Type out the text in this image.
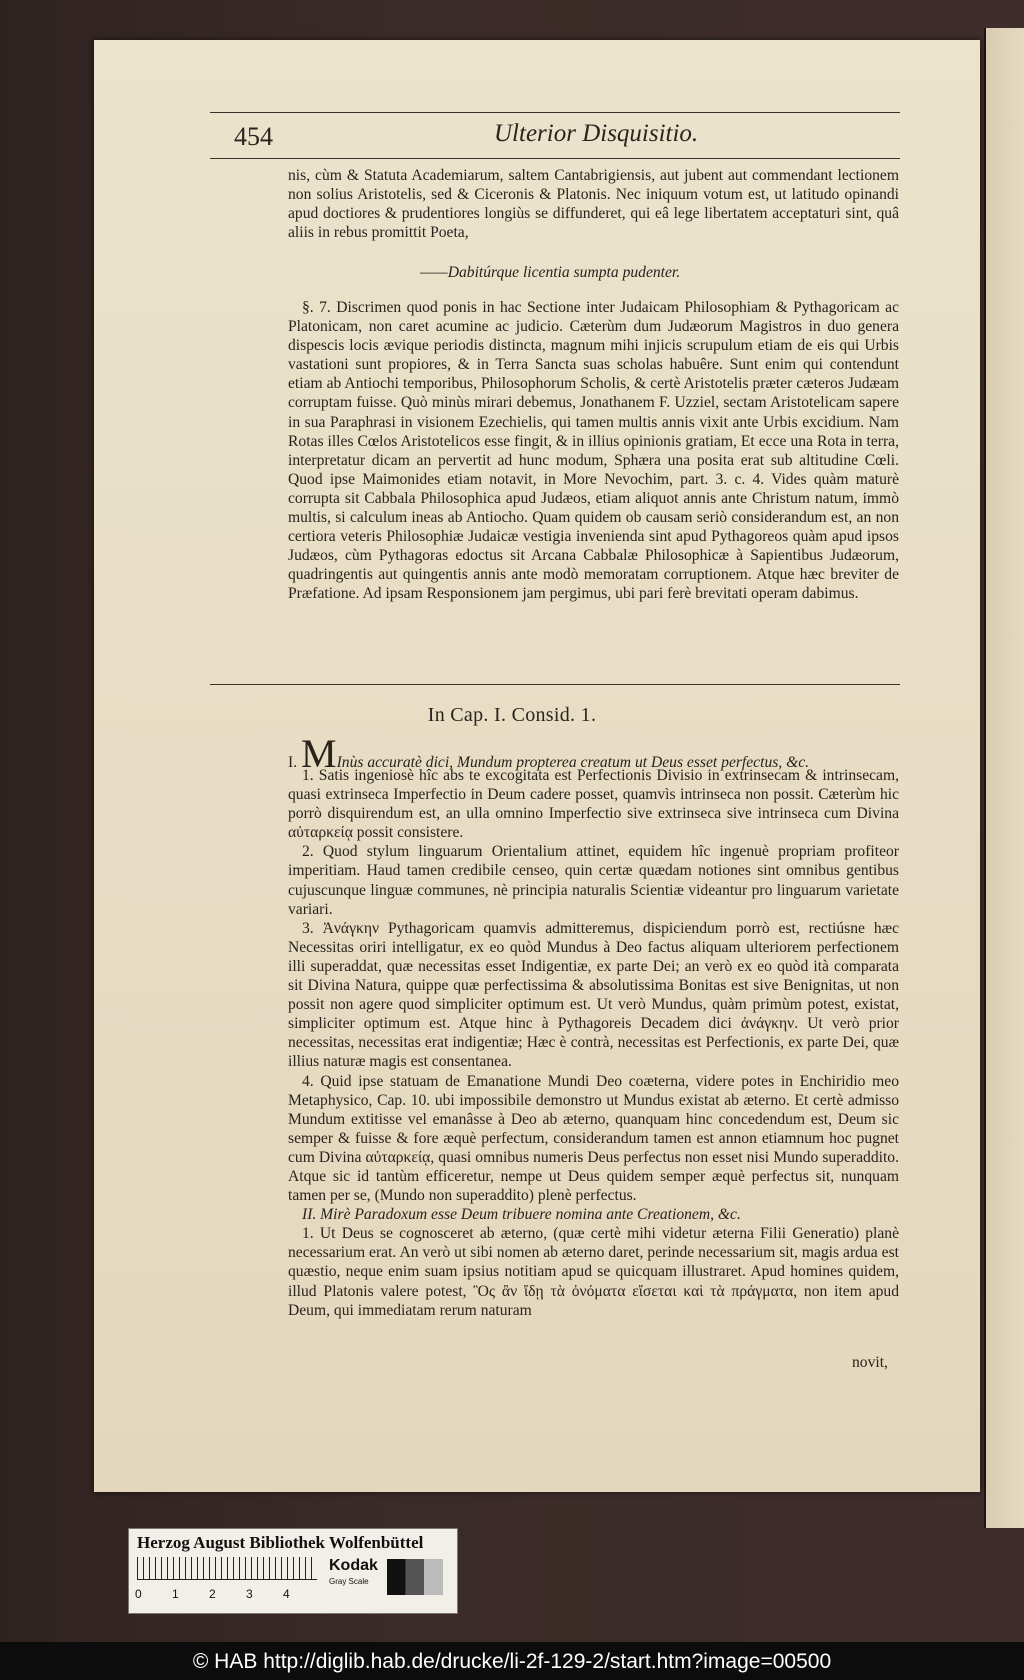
454	Ulterior Disquisitio.

nis, cùm & Statuta Academiarum, saltem Cantabrigiensis, aut jubent aut commendant lectionem non solius Aristotelis, sed & Ciceronis & Platonis. Nec iniquum votum est, ut latitudo opinandi apud doctiores & prudentiores longiùs se diffunderet, qui eâ lege libertatem acceptaturi sint, quâ aliis in rebus promittit Poeta,

——Dabitúrque licentia sumpta pudenter.

§. 7. Discrimen quod ponis in hac Sectione inter Judaicam Philosophiam & Pythagoricam ac Platonicam, non caret acumine ac judicio. Cæterùm dum Judæorum Magistros in duo genera dispescis locis ævique periodis distincta, magnum mihi injicis scrupulum etiam de eis qui Urbis vastationi sunt propiores, & in Terra Sancta suas scholas habuêre. Sunt enim qui contendunt etiam ab Antiochi temporibus, Philosophorum Scholis, & certè Aristotelis præter cæteros Judæam corruptam fuisse. Quò minùs mirari debemus, Jonathanem F. Uzziel, sectam Aristotelicam sapere in sua Paraphrasi in visionem Ezechielis, qui tamen multis annis vixit ante Urbis excidium. Nam Rotas illes Cœlos Aristotelicos esse fingit, & in illius opinionis gratiam, Et ecce una Rota in terra, interpretatur dicam an pervertit ad hunc modum, Sphæra una posita erat sub altitudine Cœli. Quod ipse Maimonides etiam notavit, in More Nevochim, part. 3. c. 4. Vides quàm maturè corrupta sit Cabbala Philosophica apud Judæos, etiam aliquot annis ante Christum natum, immò multis, si calculum ineas ab Antiocho. Quam quidem ob causam seriò considerandum est, an non certiora veteris Philosophiæ Judaicæ vestigia invenienda sint apud Pythagoreos quàm apud ipsos Judæos, cùm Pythagoras edoctus sit Arcana Cabbalæ Philosophicæ à Sapientibus Judæorum, quadringentis aut quingentis annis ante modò memoratam corruptionem. Atque hæc breviter de Præfatione. Ad ipsam Responsionem jam pergimus, ubi pari ferè brevitati operam dabimus.

In Cap. I. Consid. 1.

I. MInùs accuratè dici, Mundum propterea creatum ut Deus esset perfectus, &c.

1. Satis ingeniosè hîc abs te excogitata est Perfectionis Divisio in extrinsecam & intrinsecam, quasi extrinseca Imperfectio in Deum cadere posset, quamvìs intrinseca non possit. Cæterùm hic porrò disquirendum est, an ulla omnino Imperfectio sive extrinseca sive intrinseca cum Divina αὐταρκείᾳ possit consistere.

2. Quod stylum linguarum Orientalium attinet, equidem hîc ingenuè propriam profiteor imperitiam. Haud tamen credibile censeo, quin certæ quædam notiones sint omnibus gentibus cujuscunque linguæ communes, nè principia naturalis Scientiæ videantur pro linguarum varietate variari.

3. Ἀνάγκην Pythagoricam quamvis admitteremus, dispiciendum porrò est, rectiúsne hæc Necessitas oriri intelligatur, ex eo quòd Mundus à Deo factus aliquam ulteriorem perfectionem illi superaddat, quæ necessitas esset Indigentiæ, ex parte Dei; an verò ex eo quòd ità comparata sit Divina Natura, quippe quæ perfectissima & absolutissima Bonitas est sive Benignitas, ut non possit non agere quod simpliciter optimum est. Ut verò Mundus, quàm primùm potest, existat, simpliciter optimum est. Atque hinc à Pythagoreis Decadem dici ἀνάγκην. Ut verò prior necessitas, necessitas erat indigentiæ; Hæc è contrà, necessitas est Perfectionis, ex parte Dei, quæ illius naturæ magis est consentanea.

4. Quid ipse statuam de Emanatione Mundi Deo coæterna, videre potes in Enchiridio meo Metaphysico, Cap. 10. ubi impossibile demonstro ut Mundus existat ab æterno. Et certè admisso Mundum extitisse vel emanâsse à Deo ab æterno, quanquam hinc concedendum est, Deum sic semper & fuisse & fore æquè perfectum, considerandum tamen est annon etiamnum hoc pugnet cum Divina αὐταρκείᾳ, quasi omnibus numeris Deus perfectus non esset nisi Mundo superaddito. Atque sic id tantùm efficeretur, nempe ut Deus quidem semper æquè perfectus sit, nunquam tamen per se, (Mundo non superaddito) plenè perfectus.

II. Mirè Paradoxum esse Deum tribuere nomina ante Creationem, &c.

1. Ut Deus se cognosceret ab æterno, (quæ certè mihi videtur æterna Filii Generatio) planè necessarium erat. An verò ut sibi nomen ab æterno daret, perinde necessarium sit, magis ardua est quæstio, neque enim suam ipsius notitiam apud se quicquam illustraret. Apud homines quidem, illud Platonis valere potest, Ὃς ἂν ἴδῃ τὰ ὀνόματα εἴσεται καὶ τὰ πράγματα, non item apud Deum, qui immediatam rerum naturam

novit,
Herzog August Bibliothek Wolfenbüttel
0	1	2	3	4
Kodak
Gray Scale
© HAB http://diglib.hab.de/drucke/li-2f-129-2/start.htm?image=00500
